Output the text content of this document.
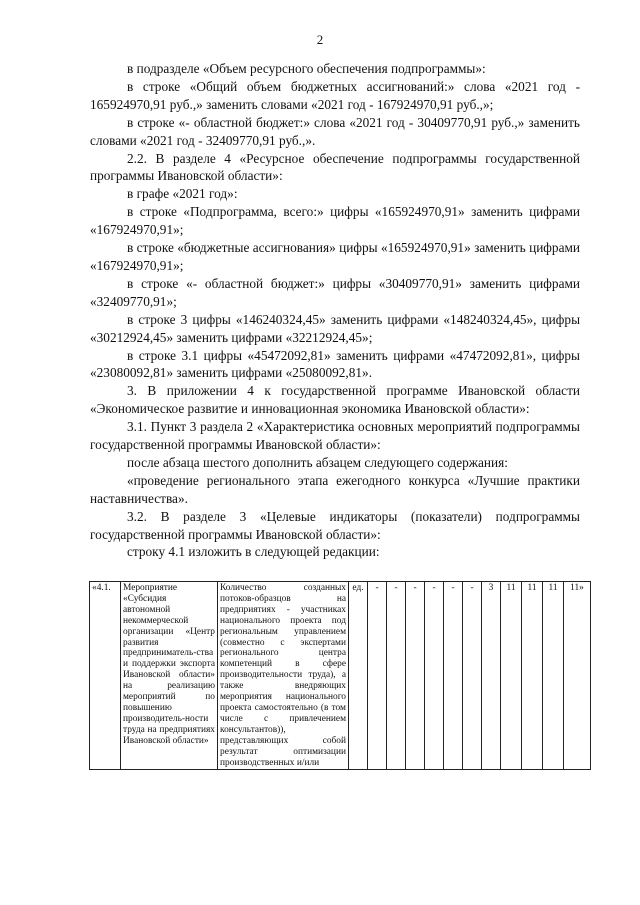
2

в подразделе «Объем ресурсного обеспечения подпрограммы»:

в строке «Общий объем бюджетных ассигнований:» слова «2021 год - 165924970,91 руб.,» заменить словами «2021 год - 167924970,91 руб.,»;

в строке «- областной бюджет:» слова «2021 год - 30409770,91 руб.,» заменить словами «2021 год - 32409770,91 руб.,».

2.2. В разделе 4 «Ресурсное обеспечение подпрограммы государственной программы Ивановской области»:

в графе «2021 год»:

в строке «Подпрограмма, всего:» цифры «165924970,91» заменить цифрами «167924970,91»;

в строке «бюджетные ассигнования» цифры «165924970,91» заменить цифрами «167924970,91»;

в строке «- областной бюджет:» цифры «30409770,91» заменить цифрами «32409770,91»;

в строке 3 цифры «146240324,45» заменить цифрами «148240324,45», цифры «30212924,45» заменить цифрами «32212924,45»;

в строке 3.1 цифры «45472092,81» заменить цифрами «47472092,81», цифры «23080092,81» заменить цифрами «25080092,81».

3. В приложении 4 к государственной программе Ивановской области «Экономическое развитие и инновационная экономика Ивановской области»:

3.1. Пункт 3 раздела 2 «Характеристика основных мероприятий подпрограммы государственной программы Ивановской области»:

после абзаца шестого дополнить абзацем следующего содержания:

«проведение регионального этапа ежегодного конкурса «Лучшие практики наставничества».

3.2. В разделе 3 «Целевые индикаторы (показатели) подпрограммы государственной программы Ивановской области»:

строку 4.1 изложить в следующей редакции:

«4.1.	Мероприятие «Субсидия автономной некоммерческой организации «Центр развития предприниматель-ства и поддержки экспорта Ивановской области» на реализацию мероприятий по повышению производитель-ности труда на предприятиях Ивановской области»	Количество созданных потоков-образцов на предприятиях - участниках национального проекта под региональным управлением (совместно с экспертами регионального центра компетенций в сфере производительности труда), а также внедряющих мероприятия национального проекта самостоятельно (в том числе с привлечением консультантов)), представляющих собой результат оптимизации производственных и/или	ед.	-	-	-	-	-	-	3	11	11	11	11»
